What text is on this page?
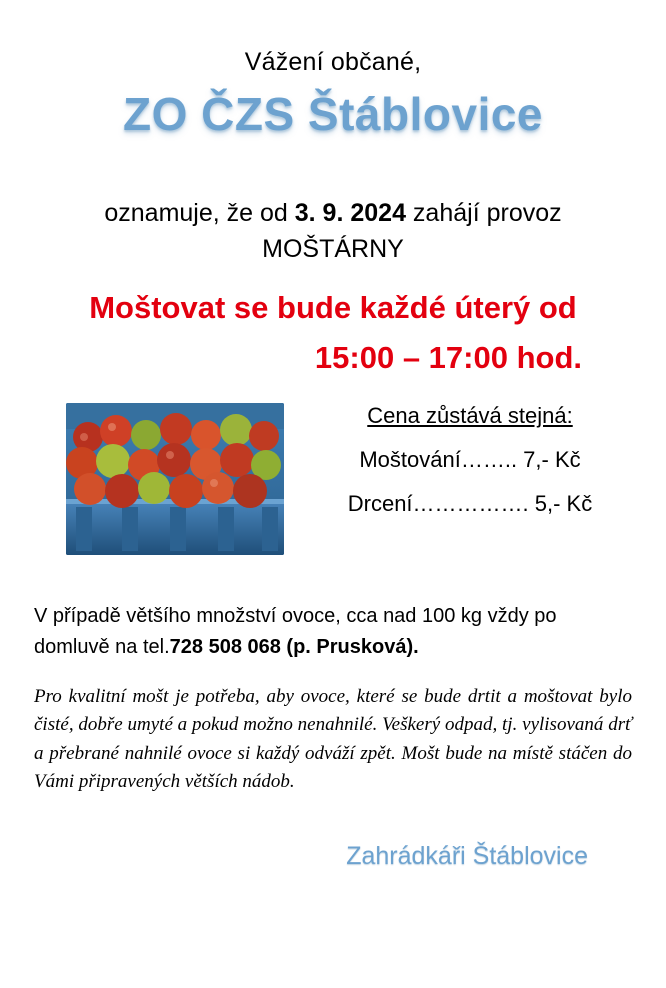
Vážení občané,
ZO ČZS Štáblovice
oznamuje, že od 3. 9. 2024 zahájí provoz
MOŠTÁRNY
Moštovat se bude každé úterý od
15:00 – 17:00 hod.
Cena zůstává stejná:
Moštování…….. 7,- Kč
Drcení……………. 5,- Kč
V případě většího množství ovoce, cca nad 100 kg vždy po
domluvě na tel.728 508 068 (p. Prusková).
Pro kvalitní mošt je potřeba, aby ovoce, které se bude drtit a moštovat bylo čisté, dobře umyté a pokud možno nenahnilé. Veškerý odpad, tj. vylisovaná drť a přebrané nahnilé ovoce si každý odváží zpět. Mošt bude na místě stáčen do Vámi připravených větších nádob.
Zahrádkáři Štáblovice
